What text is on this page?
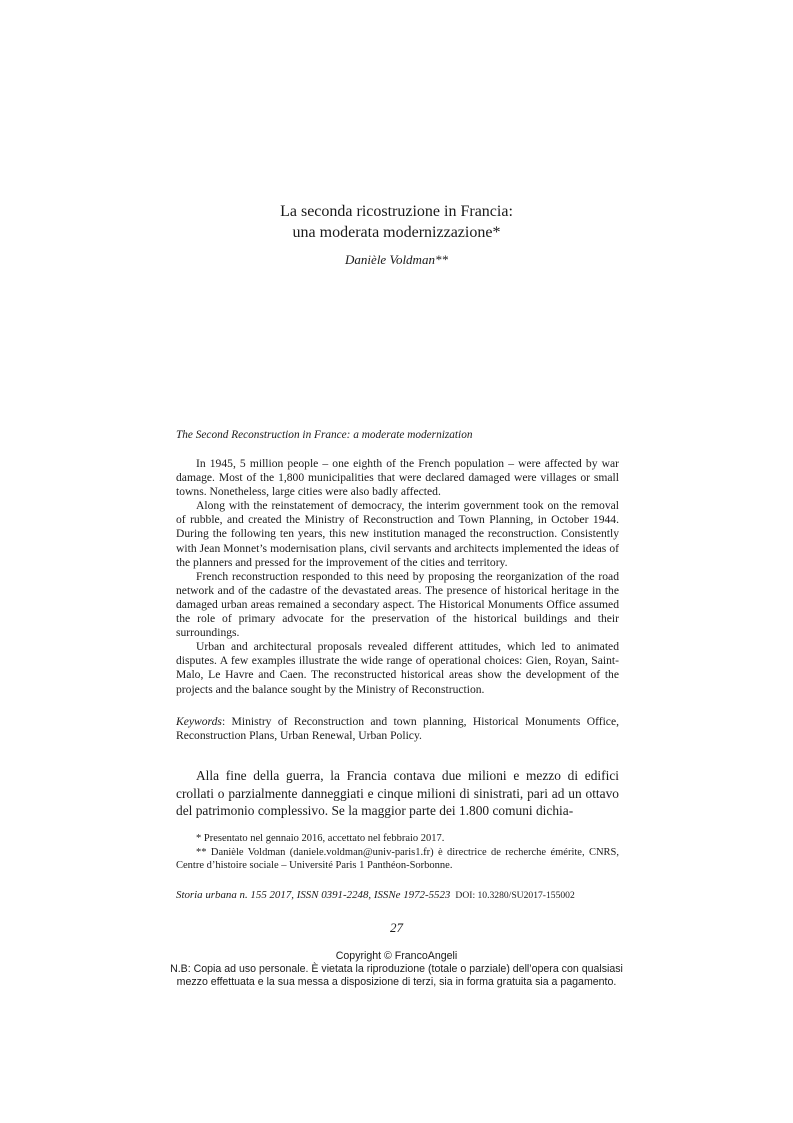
La seconda ricostruzione in Francia:
una moderata modernizzazione*
Danièle Voldman**
The Second Reconstruction in France: a moderate modernization

In 1945, 5 million people – one eighth of the French population – were affected by war damage. Most of the 1,800 municipalities that were declared damaged were villages or small towns. Nonetheless, large cities were also badly affected.

Along with the reinstatement of democracy, the interim government took on the removal of rubble, and created the Ministry of Reconstruction and Town Planning, in October 1944. During the following ten years, this new institution managed the reconstruction. Consistently with Jean Monnet’s modernisation plans, civil servants and architects implemented the ideas of the planners and pressed for the improvement of the cities and territory.

French reconstruction responded to this need by proposing the reorganization of the road network and of the cadastre of the devastated areas. The presence of historical heritage in the damaged urban areas remained a secondary aspect. The Historical Monuments Office assumed the role of primary advocate for the preservation of the historical buildings and their surroundings.

Urban and architectural proposals revealed different attitudes, which led to animated disputes. A few examples illustrate the wide range of operational choices: Gien, Royan, Saint-Malo, Le Havre and Caen. The reconstructed historical areas show the development of the projects and the balance sought by the Ministry of Reconstruction.

Keywords: Ministry of Reconstruction and town planning, Historical Monuments Office, Reconstruction Plans, Urban Renewal, Urban Policy.

Alla fine della guerra, la Francia contava due milioni e mezzo di edifici crollati o parzialmente danneggiati e cinque milioni di sinistrati, pari ad un ottavo del patrimonio complessivo. Se la maggior parte dei 1.800 comuni dichia-

* Presentato nel gennaio 2016, accettato nel febbraio 2017.

** Danièle Voldman (daniele.voldman@univ-paris1.fr) è directrice de recherche émérite, CNRS, Centre d’histoire sociale – Université Paris 1 Panthéon-Sorbonne.

Storia urbana n. 155 2017, ISSN 0391-2248, ISSNe 1972-5523 DOI: 10.3280/SU2017-155002
27
Copyright © FrancoAngeli
N.B: Copia ad uso personale. È vietata la riproduzione (totale o parziale) dell’opera con qualsiasi
mezzo effettuata e la sua messa a disposizione di terzi, sia in forma gratuita sia a pagamento.
